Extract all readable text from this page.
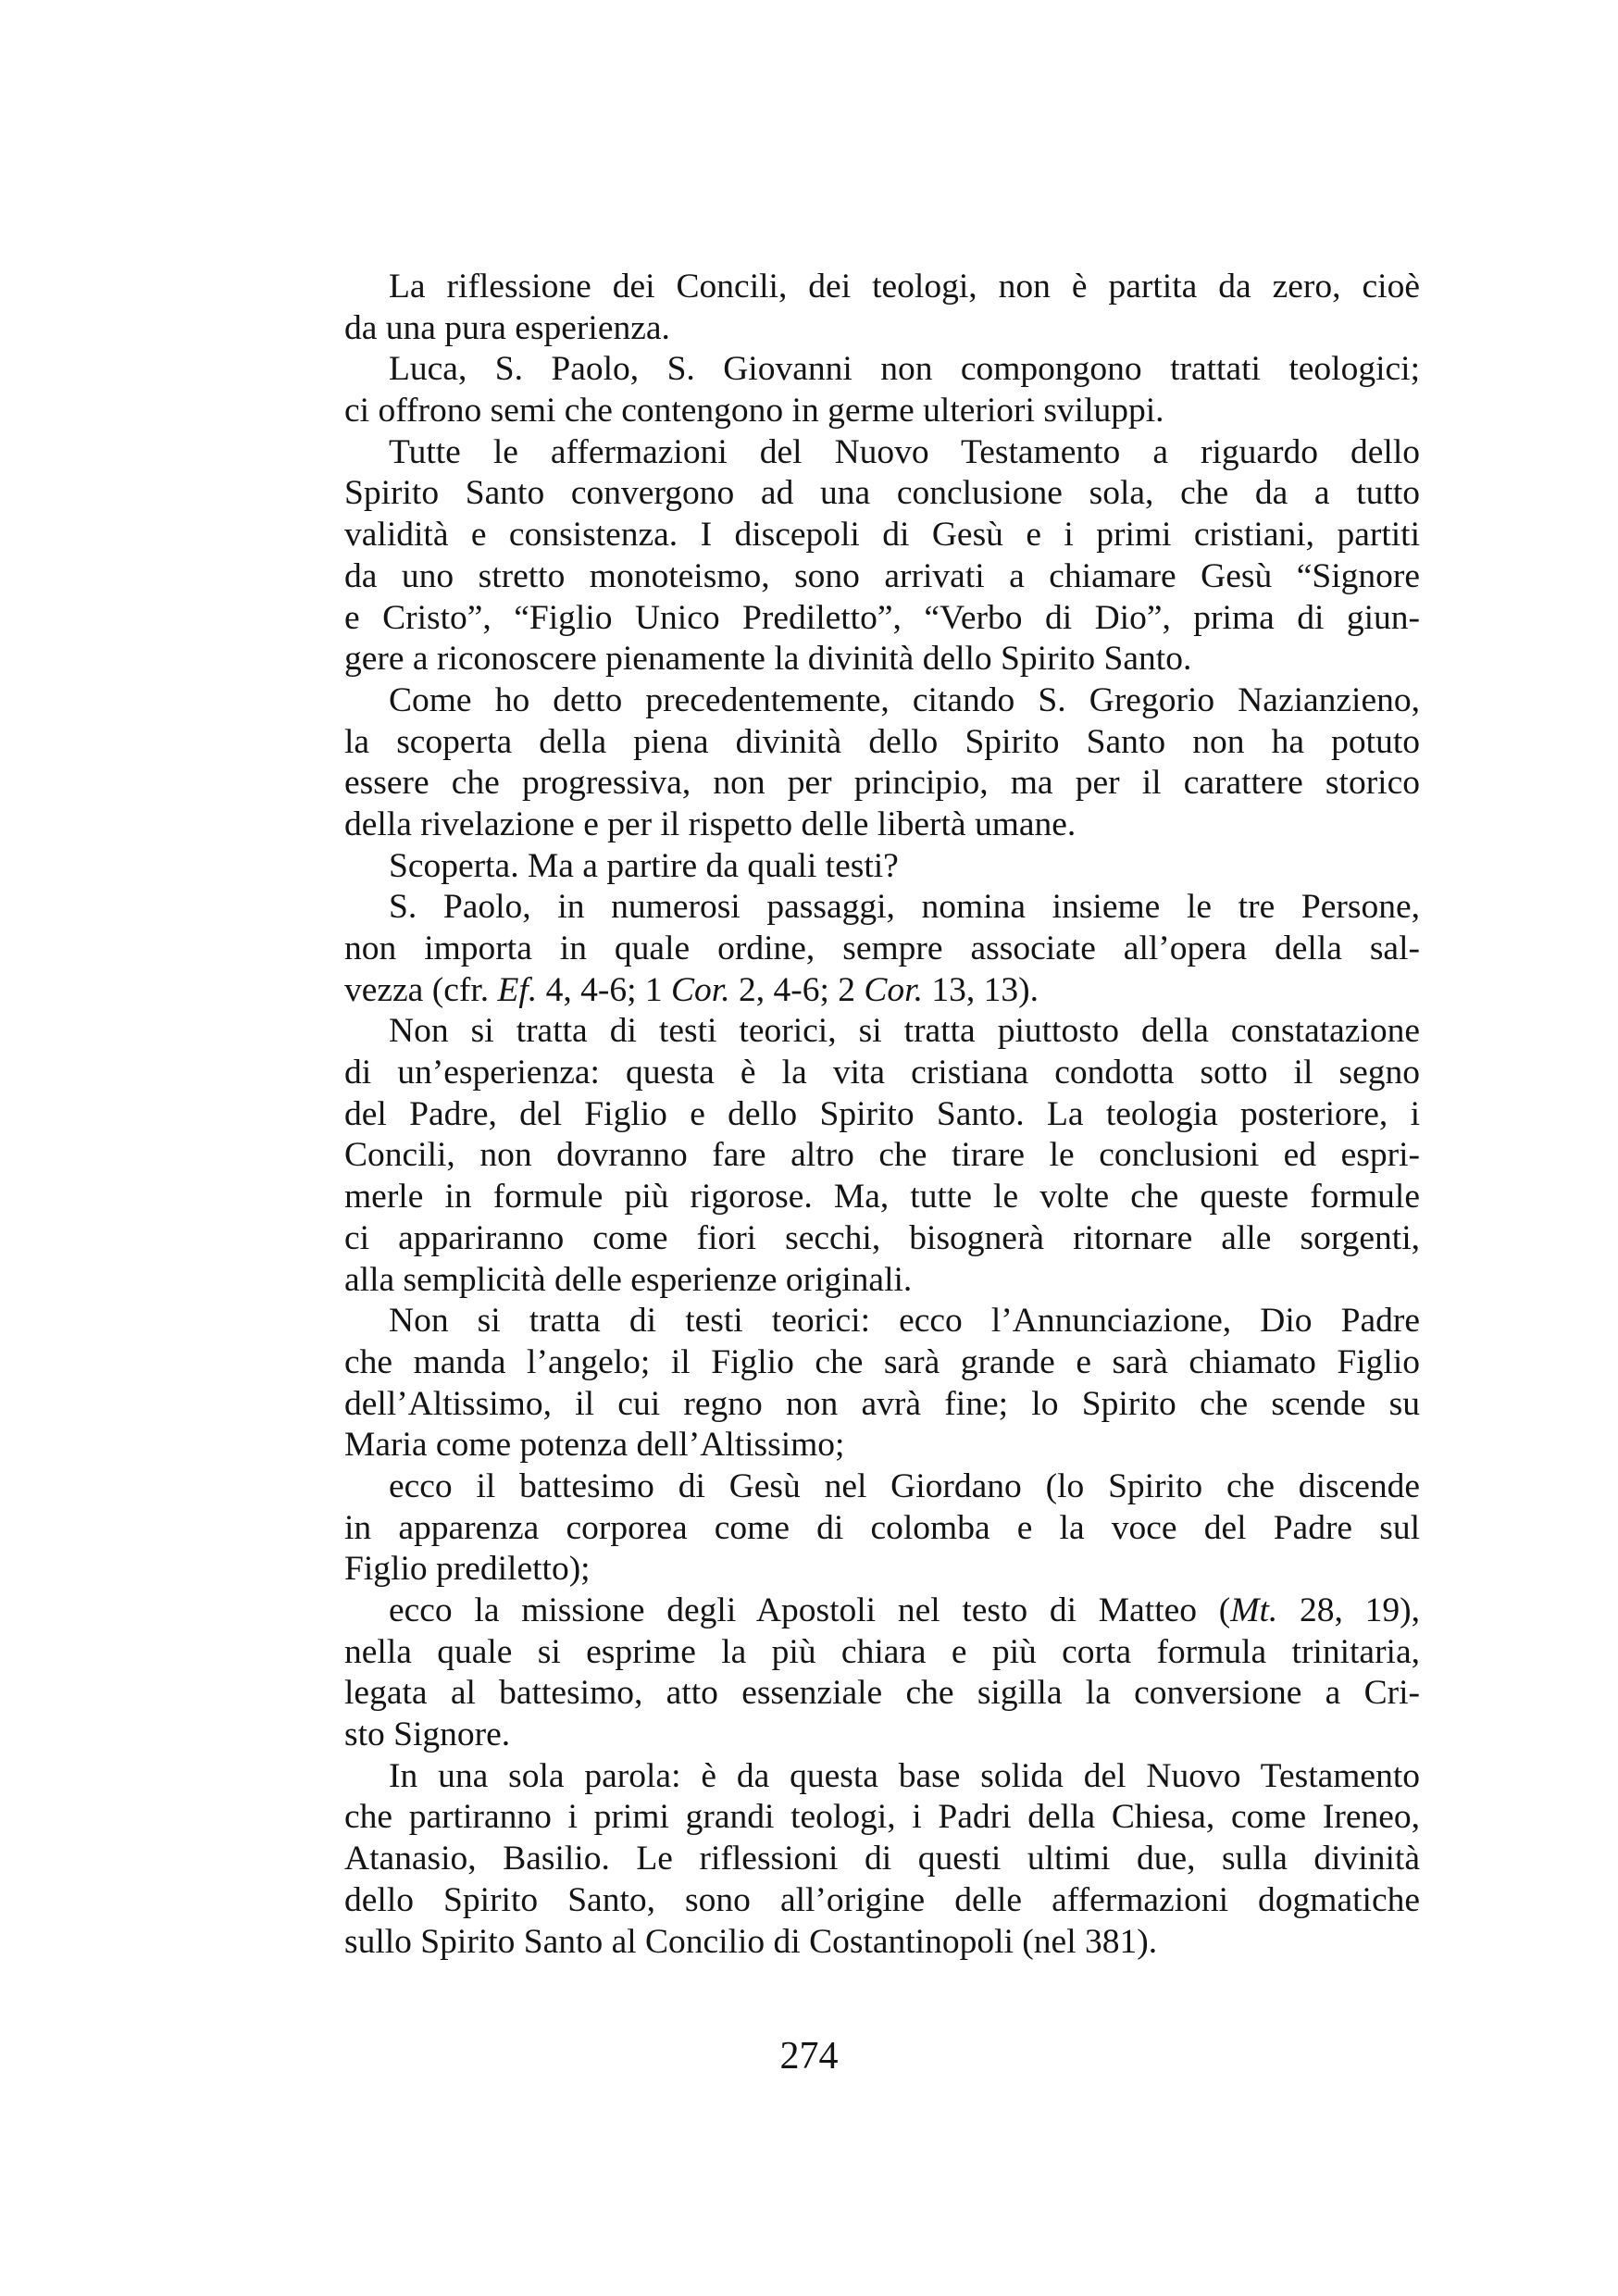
La riflessione dei Concili, dei teologi, non è partita da zero, cioè
da una pura esperienza.
Luca, S. Paolo, S. Giovanni non compongono trattati teologici;
ci offrono semi che contengono in germe ulteriori sviluppi.
Tutte le affermazioni del Nuovo Testamento a riguardo dello
Spirito Santo convergono ad una conclusione sola, che da a tutto
validità e consistenza. I discepoli di Gesù e i primi cristiani, partiti
da uno stretto monoteismo, sono arrivati a chiamare Gesù “Signore
e Cristo”, “Figlio Unico Prediletto”, “Verbo di Dio”, prima di giun-
gere a riconoscere pienamente la divinità dello Spirito Santo.
Come ho detto precedentemente, citando S. Gregorio Nazianzieno,
la scoperta della piena divinità dello Spirito Santo non ha potuto
essere che progressiva, non per principio, ma per il carattere storico
della rivelazione e per il rispetto delle libertà umane.
Scoperta. Ma a partire da quali testi?
S. Paolo, in numerosi passaggi, nomina insieme le tre Persone,
non importa in quale ordine, sempre associate all’opera della sal-
vezza (cfr. Ef. 4, 4-6; 1 Cor. 2, 4-6; 2 Cor. 13, 13).
Non si tratta di testi teorici, si tratta piuttosto della constatazione
di un’esperienza: questa è la vita cristiana condotta sotto il segno
del Padre, del Figlio e dello Spirito Santo. La teologia posteriore, i
Concili, non dovranno fare altro che tirare le conclusioni ed espri-
merle in formule più rigorose. Ma, tutte le volte che queste formule
ci appariranno come fiori secchi, bisognerà ritornare alle sorgenti,
alla semplicità delle esperienze originali.
Non si tratta di testi teorici: ecco l’Annunciazione, Dio Padre
che manda l’angelo; il Figlio che sarà grande e sarà chiamato Figlio
dell’Altissimo, il cui regno non avrà fine; lo Spirito che scende su
Maria come potenza dell’Altissimo;
ecco il battesimo di Gesù nel Giordano (lo Spirito che discende
in apparenza corporea come di colomba e la voce del Padre sul
Figlio prediletto);
ecco la missione degli Apostoli nel testo di Matteo (Mt. 28, 19),
nella quale si esprime la più chiara e più corta formula trinitaria,
legata al battesimo, atto essenziale che sigilla la conversione a Cri-
sto Signore.
In una sola parola: è da questa base solida del Nuovo Testamento
che partiranno i primi grandi teologi, i Padri della Chiesa, come Ireneo,
Atanasio, Basilio. Le riflessioni di questi ultimi due, sulla divinità
dello Spirito Santo, sono all’origine delle affermazioni dogmatiche
sullo Spirito Santo al Concilio di Costantinopoli (nel 381).
274
